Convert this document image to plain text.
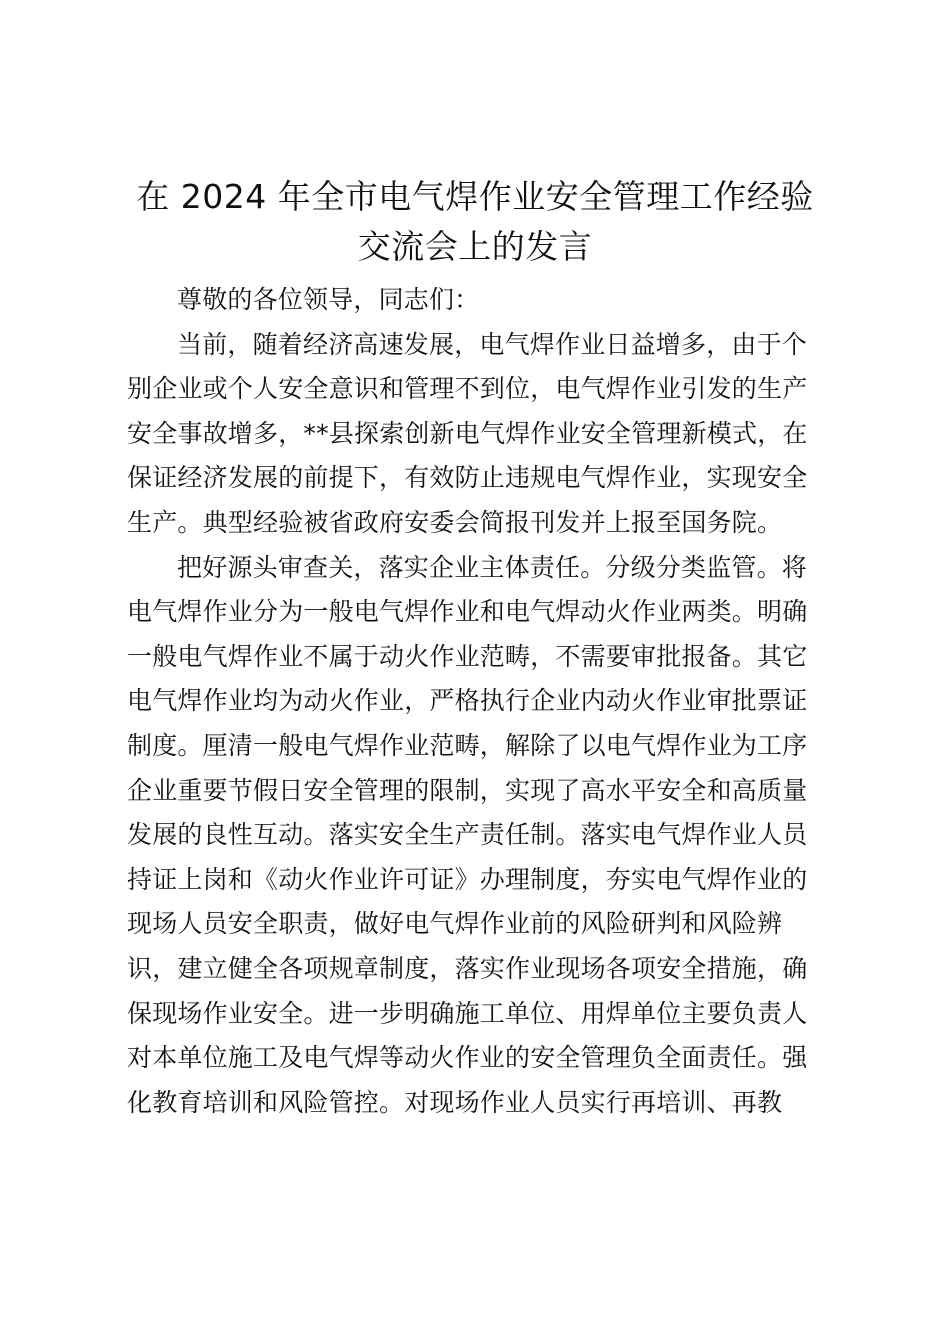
在 2024 年全市电气焊作业安全管理工作经验
交流会上的发言
尊敬的各位领导，同志们：
当前，随着经济高速发展，电气焊作业日益增多，由于个
别企业或个人安全意识和管理不到位，电气焊作业引发的生产
安全事故增多，**县探索创新电气焊作业安全管理新模式，在
保证经济发展的前提下，有效防止违规电气焊作业，实现安全
生产。典型经验被省政府安委会简报刊发并上报至国务院。
把好源头审查关，落实企业主体责任。分级分类监管。将
电气焊作业分为一般电气焊作业和电气焊动火作业两类。明确
一般电气焊作业不属于动火作业范畴，不需要审批报备。其它
电气焊作业均为动火作业，严格执行企业内动火作业审批票证
制度。厘清一般电气焊作业范畴，解除了以电气焊作业为工序
企业重要节假日安全管理的限制，实现了高水平安全和高质量
发展的良性互动。落实安全生产责任制。落实电气焊作业人员
持证上岗和《动火作业许可证》办理制度，夯实电气焊作业的
现场人员安全职责，做好电气焊作业前的风险研判和风险辨
识，建立健全各项规章制度，落实作业现场各项安全措施，确
保现场作业安全。进一步明确施工单位、用焊单位主要负责人
对本单位施工及电气焊等动火作业的安全管理负全面责任。强
化教育培训和风险管控。对现场作业人员实行再培训、再教
